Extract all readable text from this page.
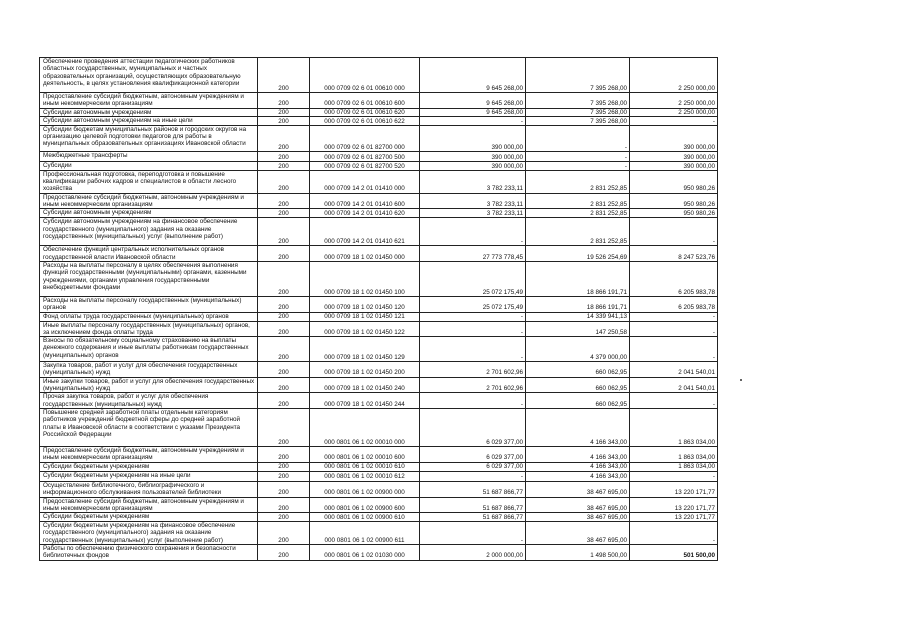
Обеспечение проведения аттестации педагогических работников областных государственных, муниципальных и частных образовательных организаций, осуществляющих образовательную деятельность, в целях установления квалификационной категории	200	000 0709 02 6 01 00610 000	9 645 268,00	7 395 268,00	2 250 000,00
Предоставление субсидий бюджетным, автономным учреждениям и иным некоммерческим организациям	200	000 0709 02 6 01 00610 600	9 645 268,00	7 395 268,00	2 250 000,00
Субсидии автономным учреждениям	200	000 0709 02 6 01 00610 620	9 645 268,00	7 395 268,00	2 250 000,00
Субсидии автономным учреждениям на иные цели	200	000 0709 02 6 01 00610 622	-	7 395 268,00	-
Субсидии бюджетам муниципальных районов и городских округов на организацию целевой подготовки педагогов для работы в муниципальных образовательных организациях Ивановской области	200	000 0709 02 6 01 82700 000	390 000,00	-	390 000,00
Межбюджетные трансферты	200	000 0709 02 6 01 82700 500	390 000,00	-	390 000,00
Субсидии	200	000 0709 02 6 01 82700 520	390 000,00	-	390 000,00
Профессиональная подготовка, переподготовка и повышение квалификации рабочих кадров и специалистов в области лесного хозяйства	200	000 0709 14 2 01 01410 000	3 782 233,11	2 831 252,85	950 980,26
Предоставление субсидий бюджетным, автономным учреждениям и иным некоммерческим организациям	200	000 0709 14 2 01 01410 600	3 782 233,11	2 831 252,85	950 980,26
Субсидии автономным учреждениям	200	000 0709 14 2 01 01410 620	3 782 233,11	2 831 252,85	950 980,26
Субсидии автономным учреждениям на финансовое обеспечение государственного (муниципального) задания на оказание государственных (муниципальных) услуг (выполнение работ)	200	000 0709 14 2 01 01410 621	-	2 831 252,85	-
Обеспечение функций центральных исполнительных органов государственной власти Ивановской области	200	000 0709 18 1 02 01450 000	27 773 778,45	19 526 254,69	8 247 523,76
Расходы на выплаты персоналу в целях обеспечения выполнения функций государственными (муниципальными) органами, казенными учреждениями, органами управления государственными внебюджетными фондами	200	000 0709 18 1 02 01450 100	25 072 175,49	18 866 191,71	6 205 983,78
Расходы на выплаты персоналу государственных (муниципальных) органов	200	000 0709 18 1 02 01450 120	25 072 175,49	18 866 191,71	6 205 983,78
Фонд оплаты труда государственных (муниципальных) органов	200	000 0709 18 1 02 01450 121	-	14 339 941,13	-
Иные выплаты персоналу государственных (муниципальных) органов, за исключением фонда оплаты труда	200	000 0709 18 1 02 01450 122	-	147 250,58	-
Взносы по обязательному социальному страхованию на выплаты денежного содержания и иные выплаты работникам государственных (муниципальных) органов	200	000 0709 18 1 02 01450 129	-	4 379 000,00	-
Закупка товаров, работ и услуг для обеспечения государственных (муниципальных) нужд	200	000 0709 18 1 02 01450 200	2 701 602,96	660 062,95	2 041 540,01
Иные закупки товаров, работ и услуг для обеспечения государственных (муниципальных) нужд	200	000 0709 18 1 02 01450 240	2 701 602,96	660 062,95	2 041 540,01
Прочая закупка товаров, работ и услуг для обеспечения государственных (муниципальных) нужд	200	000 0709 18 1 02 01450 244	-	660 062,95	-
Повышение средней заработной платы отдельным категориям работников учреждений бюджетной сферы до средней заработной платы в Ивановской области в соответствии с указами Президента Российской Федерации	200	000 0801 06 1 02 00010 000	6 029 377,00	4 166 343,00	1 863 034,00
Предоставление субсидий бюджетным, автономным учреждениям и иным некоммерческим организациям	200	000 0801 06 1 02 00010 600	6 029 377,00	4 166 343,00	1 863 034,00
Субсидии бюджетным учреждениям	200	000 0801 06 1 02 00010 610	6 029 377,00	4 166 343,00	1 863 034,00
Субсидии бюджетным учреждениям на иные цели	200	000 0801 06 1 02 00010 612	-	4 166 343,00	-
Осуществление библиотечного, библиографического и информационного обслуживания пользователей библиотеки	200	000 0801 06 1 02 00900 000	51 687 866,77	38 467 695,00	13 220 171,77
Предоставление субсидий бюджетным, автономным учреждениям и иным некоммерческим организациям	200	000 0801 06 1 02 00900 600	51 687 866,77	38 467 695,00	13 220 171,77
Субсидии бюджетным учреждениям	200	000 0801 06 1 02 00900 610	51 687 866,77	38 467 695,00	13 220 171,77
Субсидии бюджетным учреждениям на финансовое обеспечение государственного (муниципального) задания на оказание государственных (муниципальных) услуг (выполнение работ)	200	000 0801 06 1 02 00900 611	-	38 467 695,00	-
Работы по обеспечению физического сохранения и безопасности библиотечных фондов	200	000 0801 06 1 02 01030 000	2 000 000,00	1 498 500,00	501 500,00
